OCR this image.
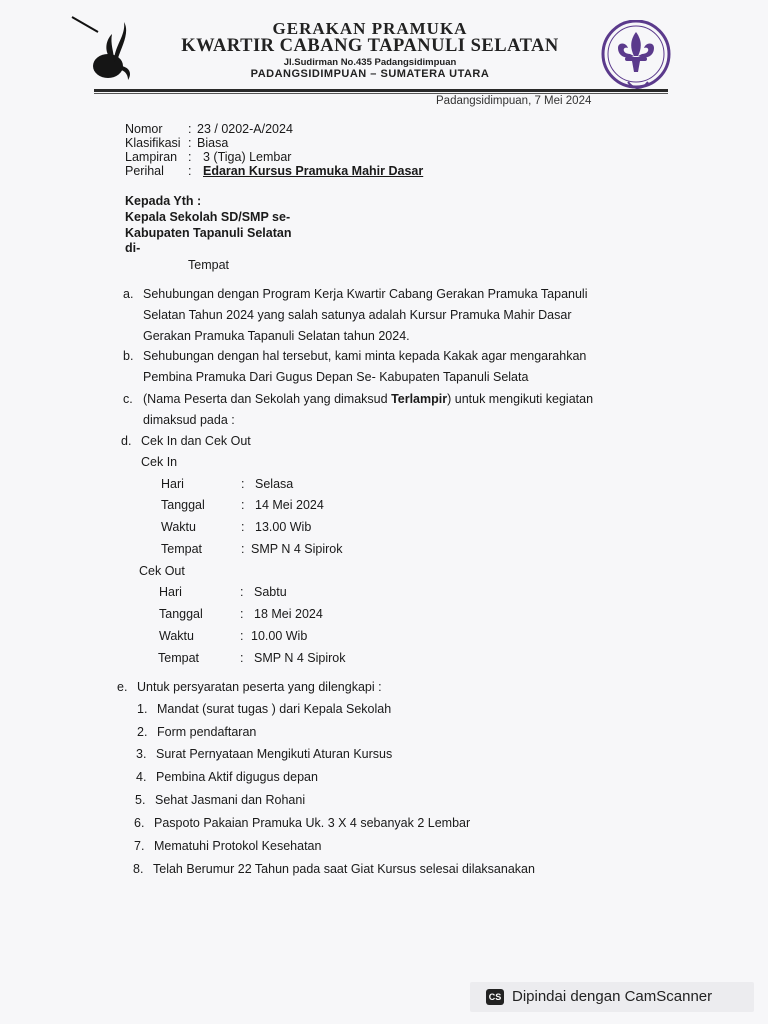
GERAKAN PRAMUKA
KWARTIR CABANG TAPANULI SELATAN
Jl.Sudirman No.435 Padangsidimpuan
PADANGSIDIMPUAN – SUMATERA UTARA
Padangsidimpuan, 7 Mei 2024
Nomor : 23 / 0202-A/2024
Klasifikasi : Biasa
Lampiran : 3 (Tiga) Lembar
Perihal : Edaran Kursus Pramuka Mahir Dasar
Kepada Yth :
Kepala Sekolah SD/SMP se-
Kabupaten Tapanuli Selatan
di-
Tempat
a. Sehubungan dengan Program Kerja Kwartir Cabang Gerakan Pramuka Tapanuli
Selatan Tahun 2024 yang salah satunya adalah Kursur Pramuka Mahir Dasar
Gerakan Pramuka Tapanuli Selatan tahun 2024.
b. Sehubungan dengan hal tersebut, kami minta kepada Kakak agar mengarahkan
Pembina Pramuka Dari Gugus Depan Se- Kabupaten Tapanuli Selata
c. (Nama Peserta dan Sekolah yang dimaksud Terlampir) untuk mengikuti kegiatan
dimaksud pada :
d. Cek In dan Cek Out
Cek In
Hari	: Selasa
Tanggal	: 14 Mei 2024
Waktu	: 13.00 Wib
Tempat	: SMP N 4 Sipirok
Cek Out
Hari	: Sabtu
Tanggal	: 18 Mei 2024
Waktu	: 10.00 Wib
Tempat	: SMP N 4 Sipirok
e. Untuk persyaratan peserta yang dilengkapi :
1. Mandat (surat tugas ) dari Kepala Sekolah
2. Form pendaftaran
3. Surat Pernyataan Mengikuti Aturan Kursus
4. Pembina Aktif digugus depan
5. Sehat Jasmani dan Rohani
6. Paspoto Pakaian Pramuka Uk. 3 X 4 sebanyak 2 Lembar
7. Mematuhi Protokol Kesehatan
8. Telah Berumur 22 Tahun pada saat Giat Kursus selesai dilaksanakan
CS Dipindai dengan CamScanner
